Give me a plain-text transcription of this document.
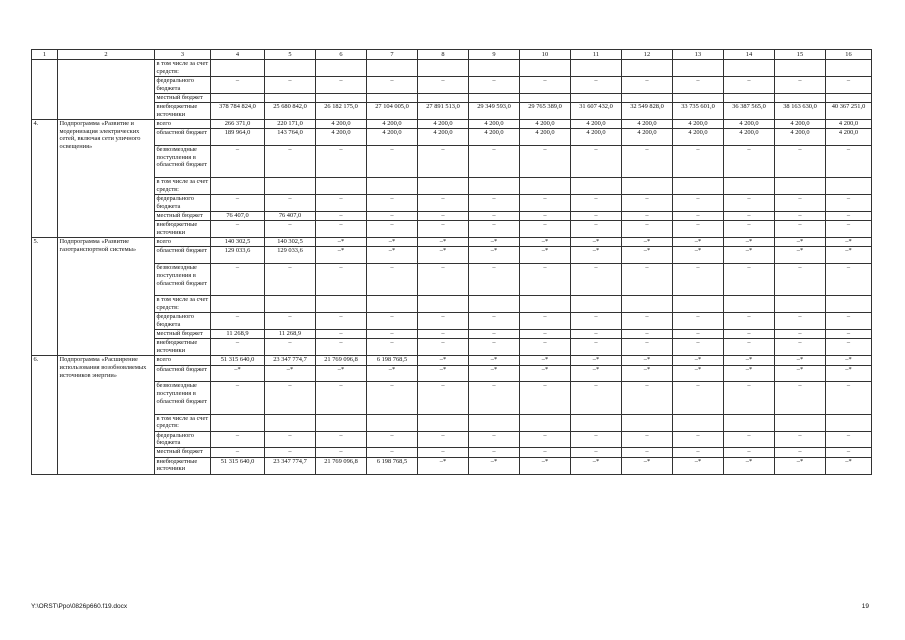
1	2	3	4	5	6	7	8	9	10	11	12	13	14	15	16
		в том числе за счет средств:													
		федерального бюджета	–	–	–	–	–	–	–	–	–	–	–	–	–
		местный бюджет													
		внебюджетные источники	378 784 824,0	25 680 842,0	26 182 175,0	27 104 005,0	27 891 513,0	29 349 593,0	29 765 389,0	31 607 432,0	32 549 828,0	33 735 601,0	36 387 565,0	38 163 630,0	40 367 251,0
4.	Подпрограмма «Развитие и модернизация электрических сетей, включая сети уличного освещения»	всего	266 371,0	220 171,0	4 200,0	4 200,0	4 200,0	4 200,0	4 200,0	4 200,0	4 200,0	4 200,0	4 200,0	4 200,0	4 200,0
		областной бюджет	189 964,0	143 764,0	4 200,0	4 200,0	4 200,0	4 200,0	4 200,0	4 200,0	4 200,0	4 200,0	4 200,0	4 200,0	4 200,0
		безвозмездные поступления в областной бюджет	–	–	–	–	–	–	–	–	–	–	–	–	–
		в том числе за счет средств:													
		федерального бюджета	–	–	–	–	–	–	–	–	–	–	–	–	–
		местный бюджет	76 407,0	76 407,0	–	–	–	–	–	–	–	–	–	–	–
		внебюджетные источники	–	–	–	–	–	–	–	–	–	–	–	–	–
5.	Подпрограмма «Развитие газотранспортной системы»	всего	140 302,5	140 302,5	–*	–*	–*	–*	–*	–*	–*	–*	–*	–*	–*
		областной бюджет	129 033,6	129 033,6	–*	–*	–*	–*	–*	–*	–*	–*	–*	–*	–*
		безвозмездные поступления в областной бюджет	–	–	–	–	–	–	–	–	–	–	–	–	–
		в том числе за счет средств:													
		федерального бюджета	–	–	–	–	–	–	–	–	–	–	–	–	–
		местный бюджет	11 268,9	11 268,9	–	–	–	–	–	–	–	–	–	–	–
		внебюджетные источники	–	–	–	–	–	–	–	–	–	–	–	–	–
6.	Подпрограмма «Расширение использования возобновляемых источников энергии»	всего	51 315 640,0	23 347 774,7	21 769 096,8	6 198 768,5	–*	–*	–*	–*	–*	–*	–*	–*	–*
		областной бюджет	–*	–*	–*	–*	–*	–*	–*	–*	–*	–*	–*	–*	–*
		безвозмездные поступления в областной бюджет	–	–	–	–	–	–	–	–	–	–	–	–	–
		в том числе за счет средств:													
		федерального бюджета	–	–	–	–	–	–	–	–	–	–	–	–	–
		местный бюджет	–	–	–	–	–	–	–	–	–	–	–	–	–
		внебюджетные источники	51 315 640,0	23 347 774,7	21 769 096,8	6 198 768,5	–*	–*	–*	–*	–*	–*	–*	–*	–*
Y:\ORST\Ppo\0826p660.f19.docx	19
